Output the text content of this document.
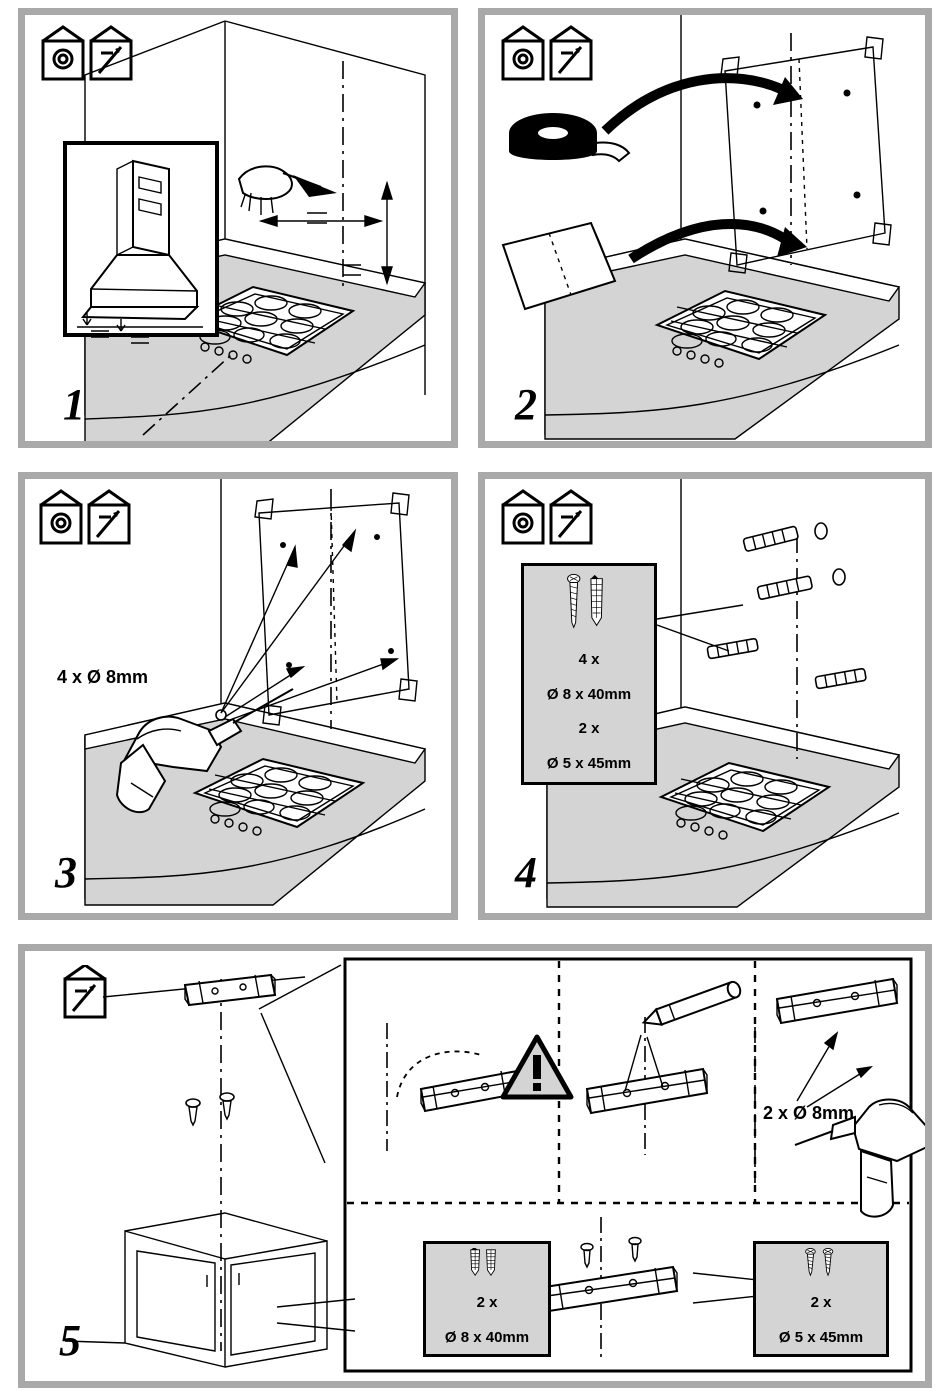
1	2
4 x Ø 8mm
3

4 x

Ø 8 x 40mm

2 x

Ø 5 x 45mm

4
2 x Ø 8mm

2 x

Ø 8 x 40mm

2 x

Ø 5 x 45mm

5
